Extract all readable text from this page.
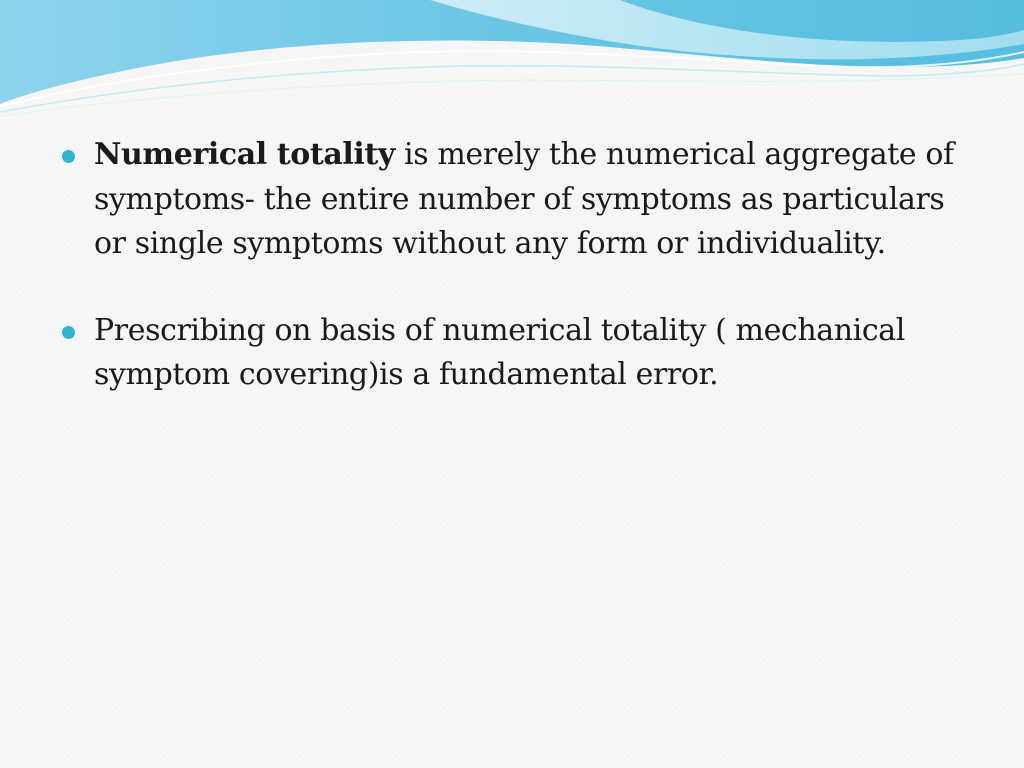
Numerical totality is merely the numerical aggregate of symptoms- the entire number of symptoms as particulars or single symptoms without any form or individuality.
Prescribing on basis of numerical totality ( mechanical symptom covering)is a fundamental error.
